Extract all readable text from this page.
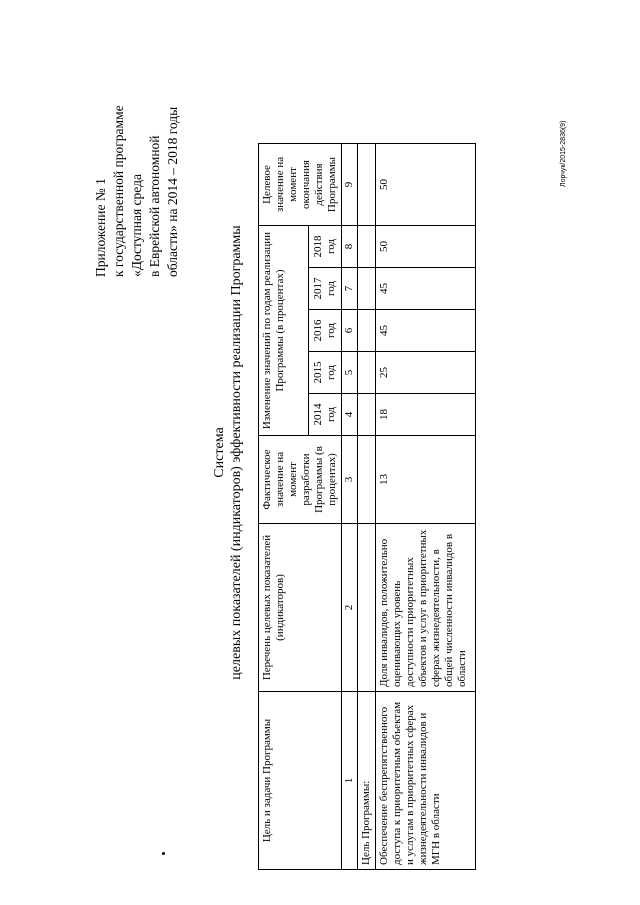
Приложение № 1 к государственной программе «Доступная среда в Еврейской автономной области» на 2014 – 2018 годы
Система целевых показателей (индикаторов) эффективности реализации Программы
Цель и задачи Программы	Перечень целевых показателей (индикаторов)	Фактическое значение на момент разработки Программы (в процентах)	Изменение значений по годам реализации Программы (в процентах)					Целевое значение на момент окончания действия Программы
			2014 год	2015 год	2016 год	2017 год	2018 год	
1	2	3	4	5	6	7	8	9
Цель Программы:								
Обеспечение беспрепятственного доступа к приоритетным объектам и услугам в приоритетных сферах жизнедеятельности инвалидов и МГН в области	Доля инвалидов, положительно оценивающих уровень доступности приоритетных объектов и услуг в приоритетных сферах жизнедеятельности, в общей численности инвалидов в области	13	18	25	45	45	50	50	Лорчук/2015-2836(9)
